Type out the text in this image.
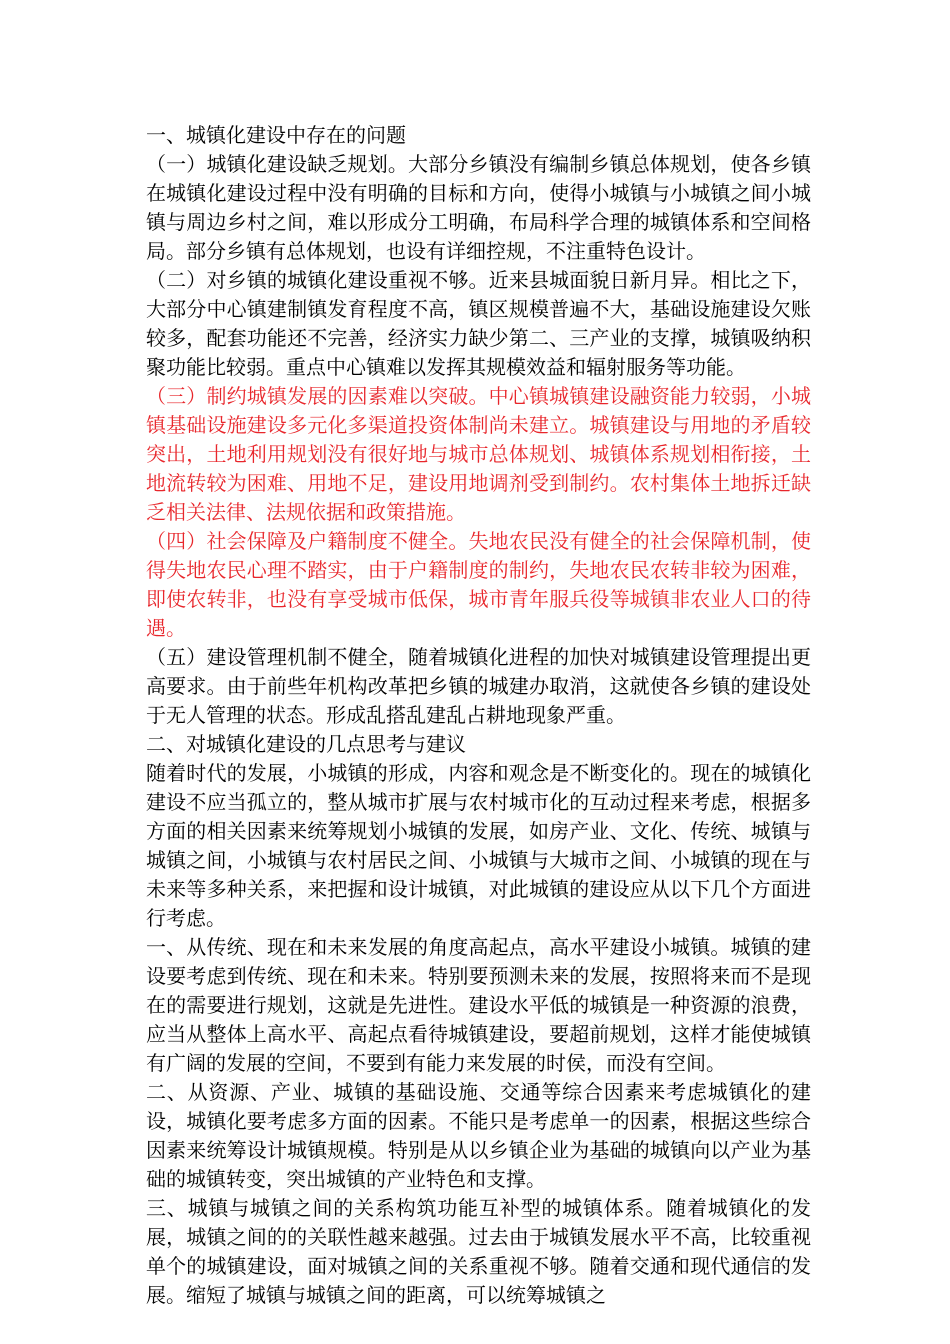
一、城镇化建设中存在的问题

（一）城镇化建设缺乏规划。大部分乡镇没有编制乡镇总体规划，使各乡镇在城镇化建设过程中没有明确的目标和方向，使得小城镇与小城镇之间小城镇与周边乡村之间，难以形成分工明确，布局科学合理的城镇体系和空间格局。部分乡镇有总体规划，也设有详细控规，不注重特色设计。

（二）对乡镇的城镇化建设重视不够。近来县城面貌日新月异。相比之下，大部分中心镇建制镇发育程度不高，镇区规模普遍不大，基础设施建设欠账较多，配套功能还不完善，经济实力缺少第二、三产业的支撑，城镇吸纳积聚功能比较弱。重点中心镇难以发挥其规模效益和辐射服务等功能。

（三）制约城镇发展的因素难以突破。中心镇城镇建设融资能力较弱，小城镇基础设施建设多元化多渠道投资体制尚未建立。城镇建设与用地的矛盾较突出，土地利用规划没有很好地与城市总体规划、城镇体系规划相衔接，土地流转较为困难、用地不足，建设用地调剂受到制约。农村集体土地拆迁缺乏相关法律、法规依据和政策措施。

（四）社会保障及户籍制度不健全。失地农民没有健全的社会保障机制，使得失地农民心理不踏实，由于户籍制度的制约，失地农民农转非较为困难，即使农转非，也没有享受城市低保，城市青年服兵役等城镇非农业人口的待遇。

（五）建设管理机制不健全，随着城镇化进程的加快对城镇建设管理提出更高要求。由于前些年机构改革把乡镇的城建办取消，这就使各乡镇的建设处于无人管理的状态。形成乱搭乱建乱占耕地现象严重。

二、对城镇化建设的几点思考与建议

随着时代的发展，小城镇的形成，内容和观念是不断变化的。现在的城镇化建设不应当孤立的，整从城市扩展与农村城市化的互动过程来考虑，根据多方面的相关因素来统筹规划小城镇的发展，如房产业、文化、传统、城镇与城镇之间，小城镇与农村居民之间、小城镇与大城市之间、小城镇的现在与未来等多种关系，来把握和设计城镇，对此城镇的建设应从以下几个方面进行考虑。

一、从传统、现在和未来发展的角度高起点，高水平建设小城镇。城镇的建设要考虑到传统、现在和未来。特别要预测未来的发展，按照将来而不是现在的需要进行规划，这就是先进性。建设水平低的城镇是一种资源的浪费，应当从整体上高水平、高起点看待城镇建设，要超前规划，这样才能使城镇有广阔的发展的空间，不要到有能力来发展的时侯，而没有空间。

二、从资源、产业、城镇的基础设施、交通等综合因素来考虑城镇化的建设，城镇化要考虑多方面的因素。不能只是考虑单一的因素，根据这些综合因素来统筹设计城镇规模。特别是从以乡镇企业为基础的城镇向以产业为基础的城镇转变，突出城镇的产业特色和支撑。

三、城镇与城镇之间的关系构筑功能互补型的城镇体系。随着城镇化的发展，城镇之间的的关联性越来越强。过去由于城镇发展水平不高，比较重视单个的城镇建设，面对城镇之间的关系重视不够。随着交通和现代通信的发展。缩短了城镇与城镇之间的距离，可以统筹城镇之
